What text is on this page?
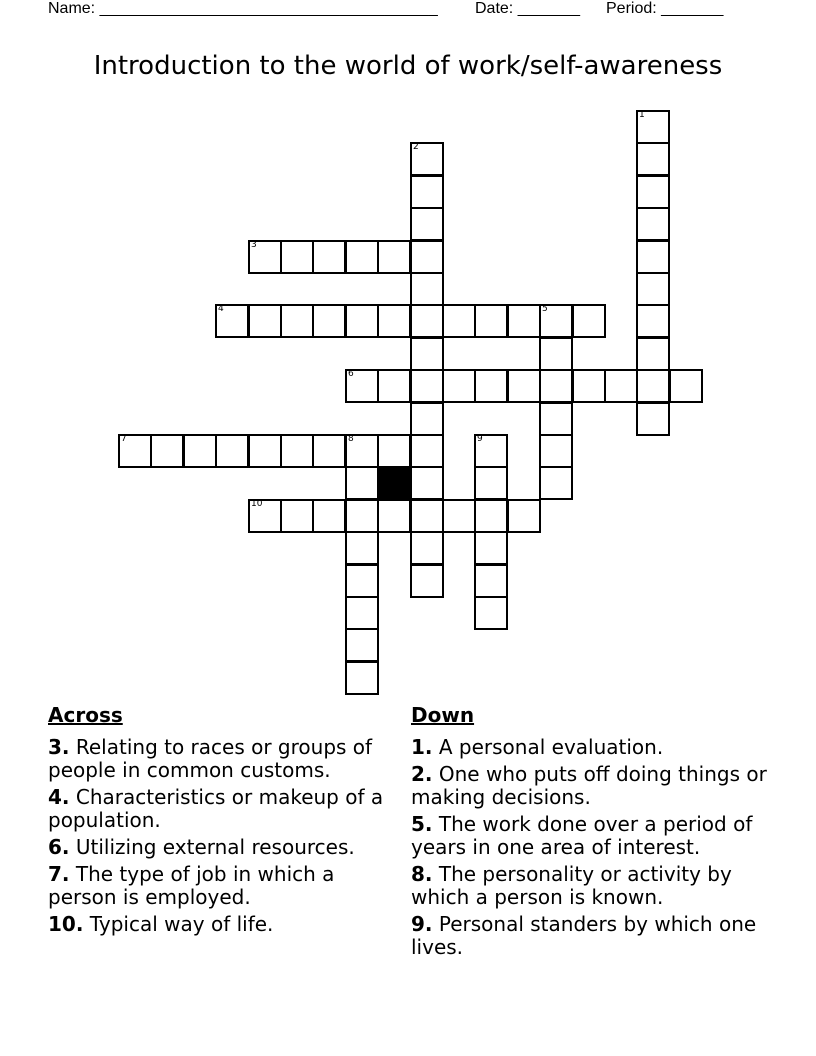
Name: ______________________________________ Date: _______ Period: _______
Introduction to the world of work/self-awareness
1
2
3
4	5
6
7	8	9
10
Across
3. Relating to races or groups of people in common customs.
4. Characteristics or makeup of a population.
6. Utilizing external resources.
7. The type of job in which a person is employed.
10. Typical way of life.
Down
1. A personal evaluation.
2. One who puts off doing things or making decisions.
5. The work done over a period of years in one area of interest.
8. The personality or activity by which a person is known.
9. Personal standers by which one lives.
